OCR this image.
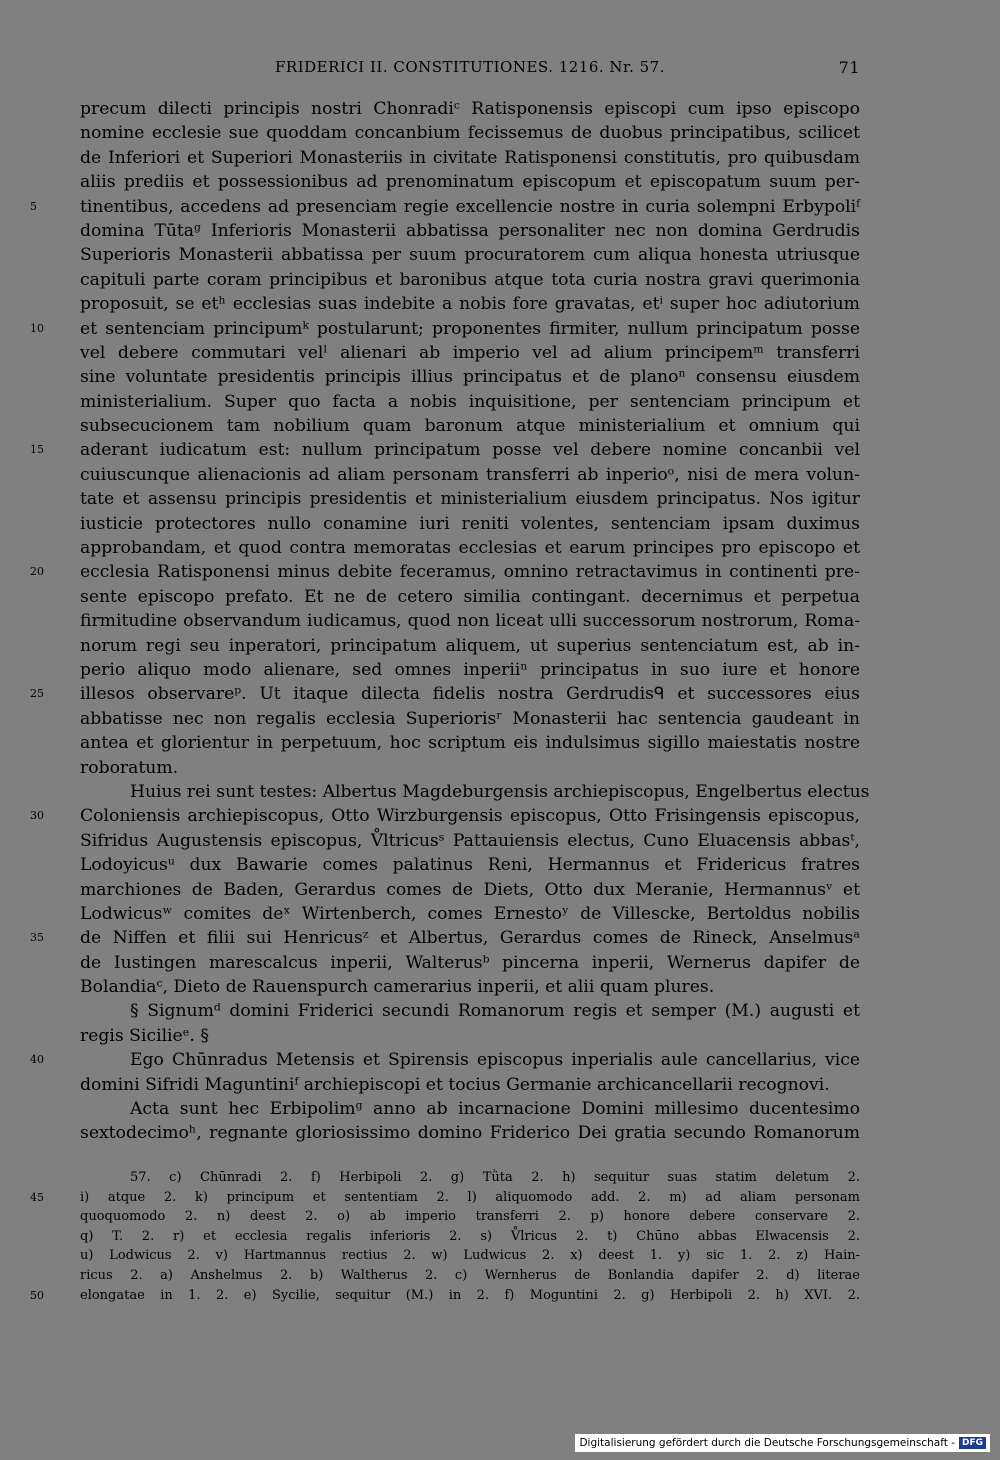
FRIDERICI II. CONSTITUTIONES. 1216. Nr. 57.	71
precum dilecti principis nostri Chonradiᶜ Ratisponensis episcopi cum ipso episcopo
nomine ecclesie sue quoddam concanbium fecissemus de duobus principatibus, scilicet
de Inferiori et Superiori Monasteriis in civitate Ratisponensi constitutis, pro quibusdam
aliis prediis et possessionibus ad prenominatum episcopum et episcopatum suum per-
5	tinentibus, accedens ad presenciam regie excellencie nostre in curia solempni Erbypoliᶠ
domina Tūtaᵍ Inferioris Monasterii abbatissa personaliter nec non domina Gerdrudis
Superioris Monasterii abbatissa per suum procuratorem cum aliqua honesta utriusque
capituli parte coram principibus et baronibus atque tota curia nostra gravi querimonia
proposuit, se etʰ ecclesias suas indebite a nobis fore gravatas, etⁱ super hoc adiutorium
10	et sentenciam principumᵏ postularunt; proponentes firmiter, nullum principatum posse
vel debere commutari velˡ alienari ab imperio vel ad alium principemᵐ transferri
sine voluntate presidentis principis illius principatus et de planoⁿ consensu eiusdem
ministerialium. Super quo facta a nobis inquisitione, per sentenciam principum et
subsecucionem tam nobilium quam baronum atque ministerialium et omnium qui
15	aderant iudicatum est: nullum principatum posse vel debere nomine concanbii vel
cuiuscunque alienacionis ad aliam personam transferri ab inperioᵒ, nisi de mera volun-
tate et assensu principis presidentis et ministerialium eiusdem principatus. Nos igitur
iusticie protectores nullo conamine iuri reniti volentes, sentenciam ipsam duximus
approbandam, et quod contra memoratas ecclesias et earum principes pro episcopo et
20	ecclesia Ratisponensi minus debite feceramus, omnino retractavimus in continenti pre-
sente episcopo prefato. Et ne de cetero similia contingant. decernimus et perpetua
firmitudine observandum iudicamus, quod non liceat ulli successorum nostrorum, Roma-
norum regi seu inperatori, principatum aliquem, ut superius sentenciatum est, ab in-
perio aliquo modo alienare, sed omnes inperiiⁿ principatus in suo iure et honore
25	illesos observareᵖ. Ut itaque dilecta fidelis nostra Gerdrudisᑫ et successores eius
abbatisse nec non regalis ecclesia Superiorisʳ Monasterii hac sentencia gaudeant in
antea et glorientur in perpetuum, hoc scriptum eis indulsimus sigillo maiestatis nostre
roboratum.
Huius rei sunt testes: Albertus Magdeburgensis archiepiscopus, Engelbertus electus
30	Coloniensis archiepiscopus, Otto Wirzburgensis episcopus, Otto Frisingensis episcopus,
Sifridus Augustensis episcopus, V̊ltricusˢ Pattauiensis electus, Cuno Eluacensis abbasᵗ,
Lodoyicusᵘ dux Bawarie comes palatinus Reni, Hermannus et Fridericus fratres
marchiones de Baden, Gerardus comes de Diets, Otto dux Meranie, Hermannusᵛ et
Lodwicusʷ comites deˣ Wirtenberch, comes Ernestoʸ de Villescke, Bertoldus nobilis
35	de Niffen et filii sui Henricusᶻ et Albertus, Gerardus comes de Rineck, Anselmusᵃ
de Iustingen marescalcus inperii, Walterusᵇ pincerna inperii, Wernerus dapifer de
Bolandiaᶜ, Dieto de Rauenspurch camerarius inperii, et alii quam plures.
§ Signumᵈ domini Friderici secundi Romanorum regis et semper (M.) augusti et
regis Sicilieᵉ. §
40	Ego Chūnradus Metensis et Spirensis episcopus inperialis aule cancellarius, vice
domini Sifridi Maguntiniᶠ archiepiscopi et tocius Germanie archicancellarii recognovi.
Acta sunt hec Erbipolimᵍ anno ab incarnacione Domini millesimo ducentesimo
sextodecimoʰ, regnante gloriosissimo domino Friderico Dei gratia secundo Romanorum
57. c) Chūnradi 2. f) Herbipoli 2. g) Tǜta 2. h) sequitur suas statim deletum 2.
45	i) atque 2. k) principum et sententiam 2. l) aliquomodo add. 2. m) ad aliam personam
quoquomodo 2. n) deest 2. o) ab imperio transferri 2. p) honore debere conservare 2.
q) T. 2. r) et ecclesia regalis inferioris 2. s) V̊lricus 2. t) Chūno abbas Elwacensis 2.
u) Lodwicus 2. v) Hartmannus rectius 2. w) Ludwicus 2. x) deest 1. y) sic 1. 2. z) Hain-
ricus 2. a) Anshelmus 2. b) Waltherus 2. c) Wernherus de Bonlandia dapifer 2. d) literae
50	elongatae in 1. 2. e) Sycilie, sequitur (M.) in 2. f) Moguntini 2. g) Herbipoli 2. h) XVI. 2.
Digitalisierung gefördert durch die Deutsche Forschungsgemeinschaft - DFG
